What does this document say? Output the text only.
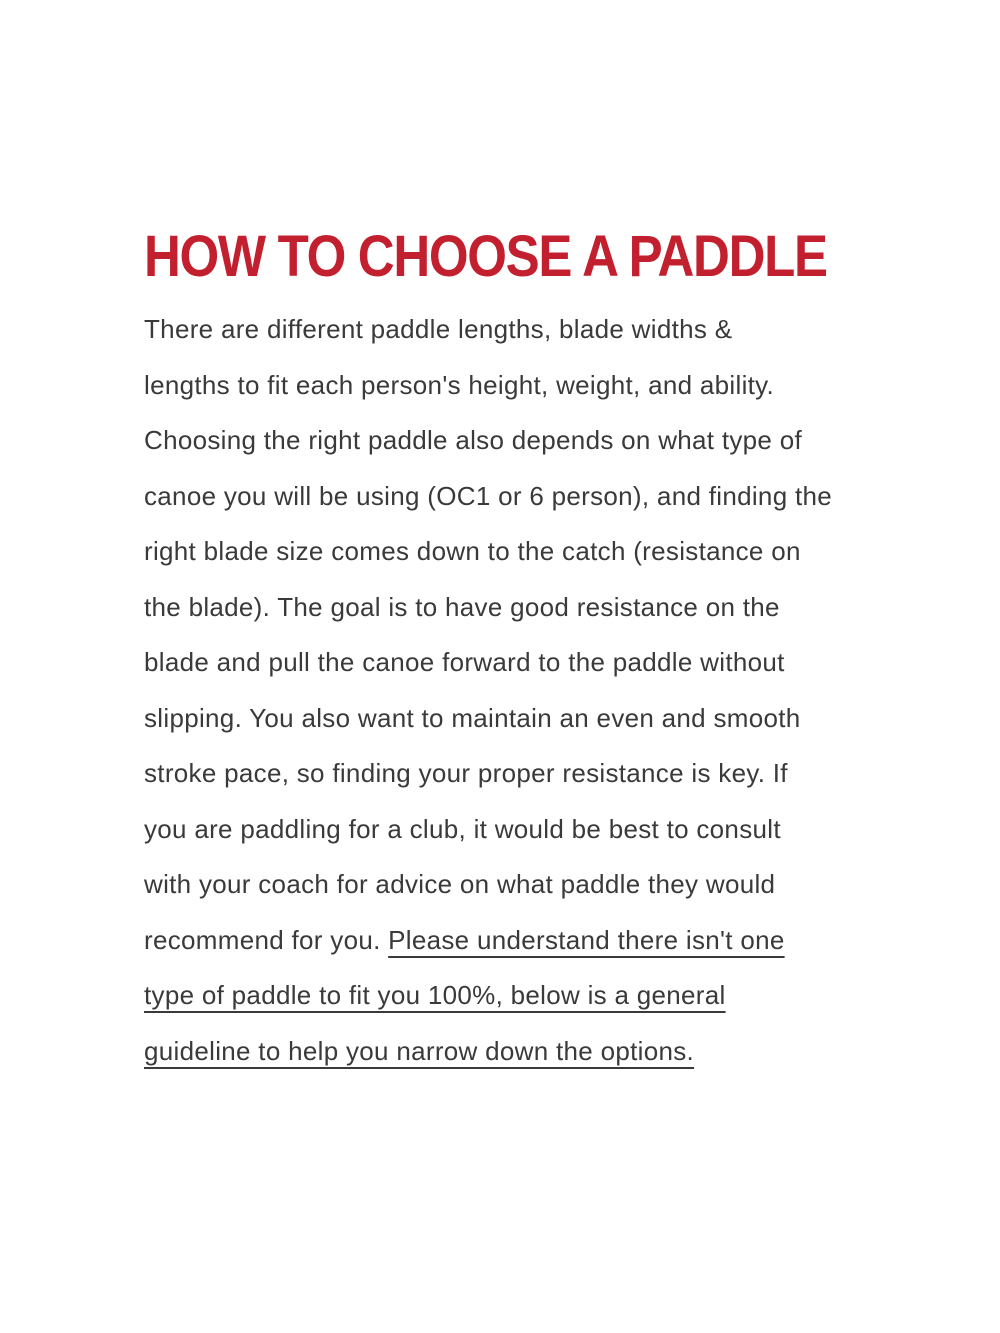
HOW TO CHOOSE A PADDLE
There are different paddle lengths, blade widths &
lengths to fit each person's height, weight, and ability.
Choosing the right paddle also depends on what type of
canoe you will be using (OC1 or 6 person), and finding the
right blade size comes down to the catch (resistance on
the blade). The goal is to have good resistance on the
blade and pull the canoe forward to the paddle without
slipping. You also want to maintain an even and smooth
stroke pace, so finding your proper resistance is key. If
you are paddling for a club, it would be best to consult
with your coach for advice on what paddle they would
recommend for you. Please understand there isn't one
type of paddle to fit you 100%, below is a general
guideline to help you narrow down the options.
